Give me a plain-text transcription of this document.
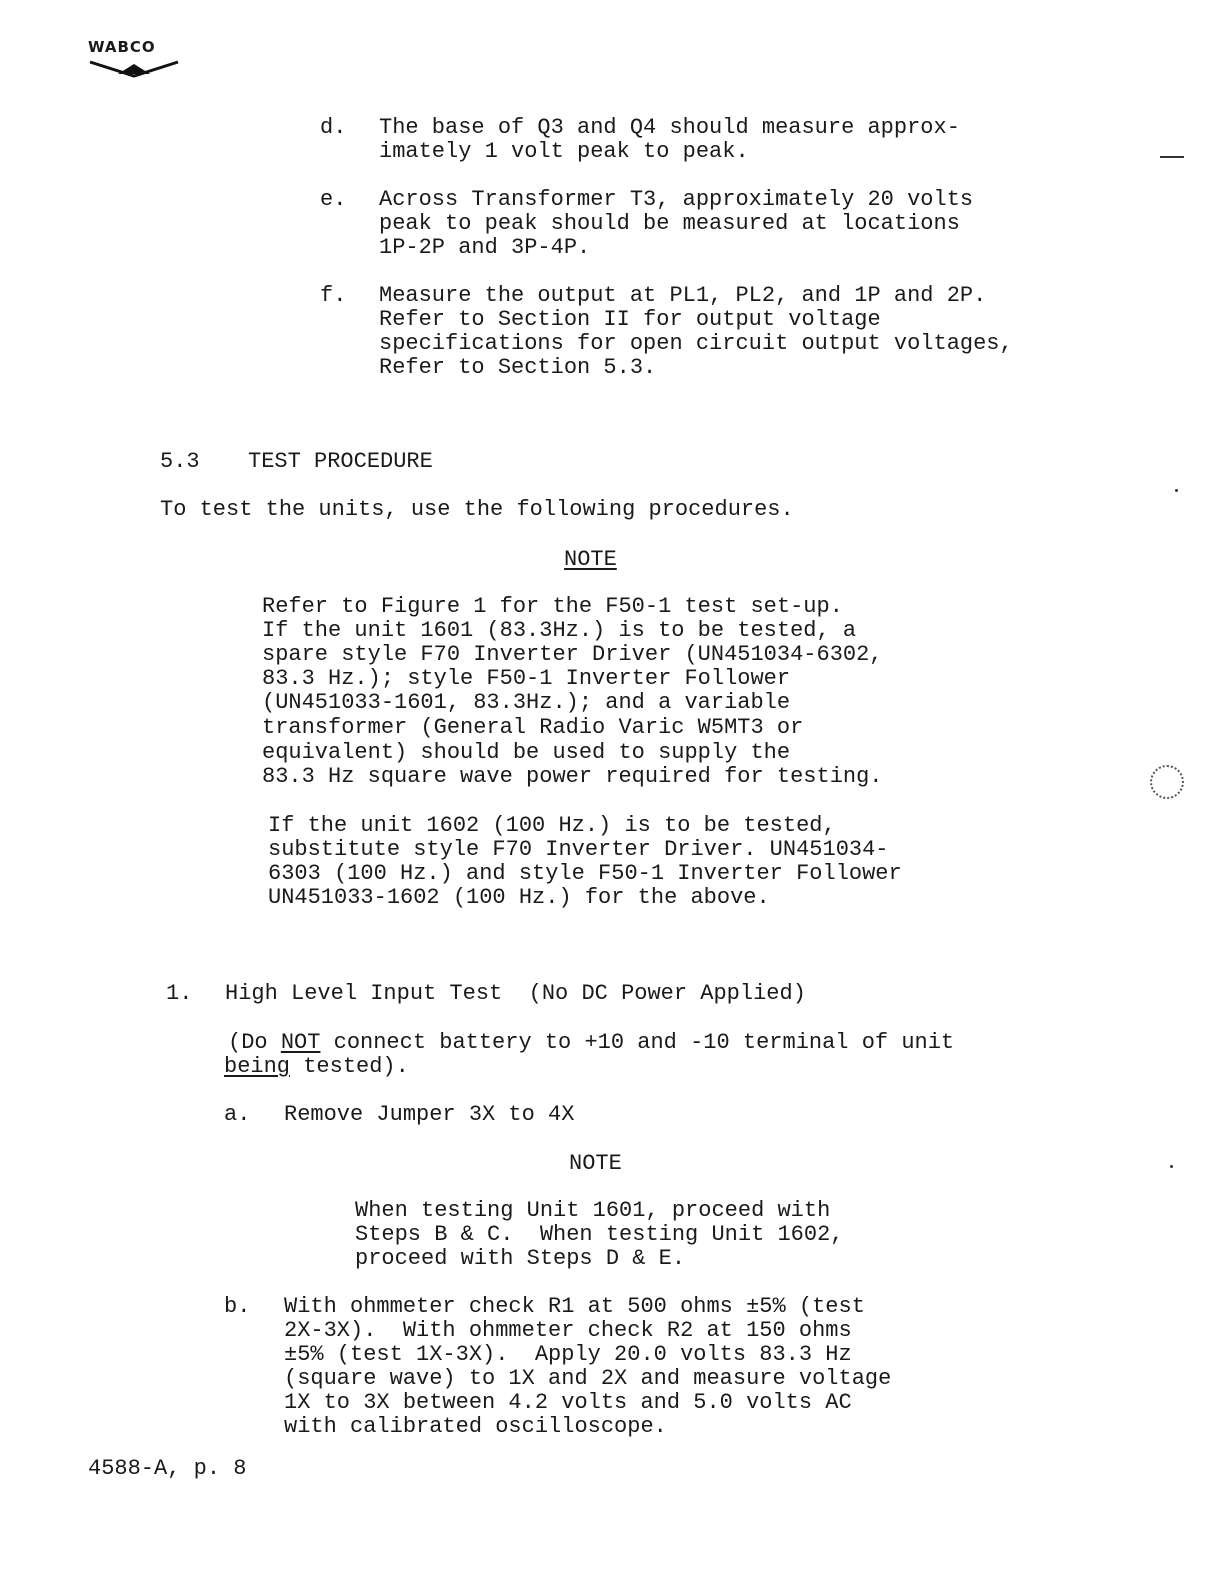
WABCO
d. The base of Q3 and Q4 should measure approx-
imately 1 volt peak to peak.
e. Across Transformer T3, approximately 20 volts
peak to peak should be measured at locations
1P-2P and 3P-4P.
f. Measure the output at PL1, PL2, and 1P and 2P.
Refer to Section II for output voltage
specifications for open circuit output voltages,
Refer to Section 5.3.
5.3 TEST PROCEDURE
To test the units, use the following procedures.
NOTE
Refer to Figure 1 for the F50-1 test set-up.
If the unit 1601 (83.3Hz.) is to be tested, a
spare style F70 Inverter Driver (UN451034-6302,
83.3 Hz.); style F50-1 Inverter Follower
(UN451033-1601, 83.3Hz.); and a variable
transformer (General Radio Varic W5MT3 or
equivalent) should be used to supply the
83.3 Hz square wave power required for testing.
If the unit 1602 (100 Hz.) is to be tested,
substitute style F70 Inverter Driver. UN451034-
6303 (100 Hz.) and style F50-1 Inverter Follower
UN451033-1602 (100 Hz.) for the above.
1. High Level Input Test  (No DC Power Applied)
(Do NOT connect battery to +10 and -10 terminal of unit
being tested).
a. Remove Jumper 3X to 4X
NOTE
When testing Unit 1601, proceed with
Steps B & C.  When testing Unit 1602,
proceed with Steps D & E.
b. With ohmmeter check R1 at 500 ohms ±5% (test
2X-3X).  With ohmmeter check R2 at 150 ohms
±5% (test 1X-3X).  Apply 20.0 volts 83.3 Hz
(square wave) to 1X and 2X and measure voltage
1X to 3X between 4.2 volts and 5.0 volts AC
with calibrated oscilloscope.
4588-A, p. 8
